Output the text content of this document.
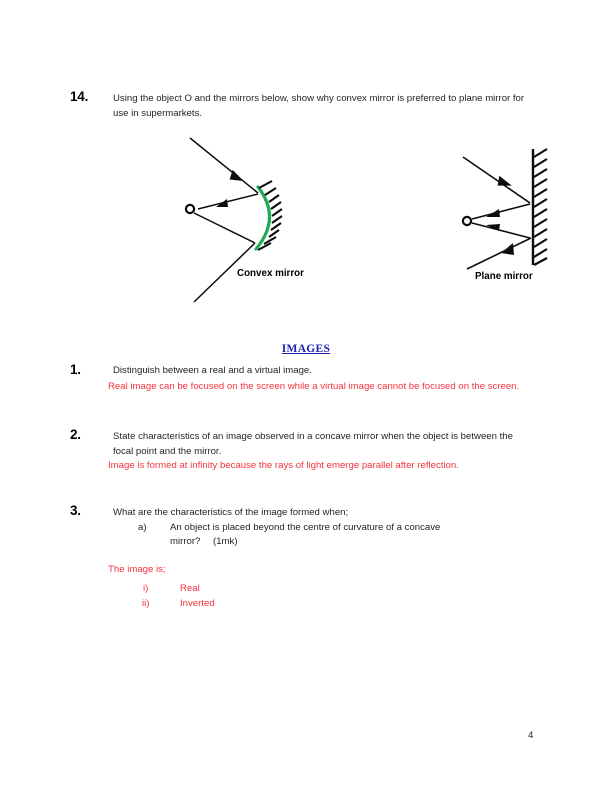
14.	Using the object O and the mirrors below, show why convex mirror is preferred to plane mirror for use in supermarkets.
Convex mirror	Plane mirror
IMAGES
1.	Distinguish between a real and a virtual image.
Real image can be focused on the screen while a virtual image cannot be focused on the screen.
2.	State characteristics of an image observed in a concave mirror when the object is between the focal point and the mirror.
Image is formed at infinity because the rays of light emerge parallel after reflection.
3.	What are the characteristics of the image formed when;
a) An object is placed beyond the centre of curvature of a concave
mirror? (1mk)
The image is;
i)	Real
ii)	Inverted
4
